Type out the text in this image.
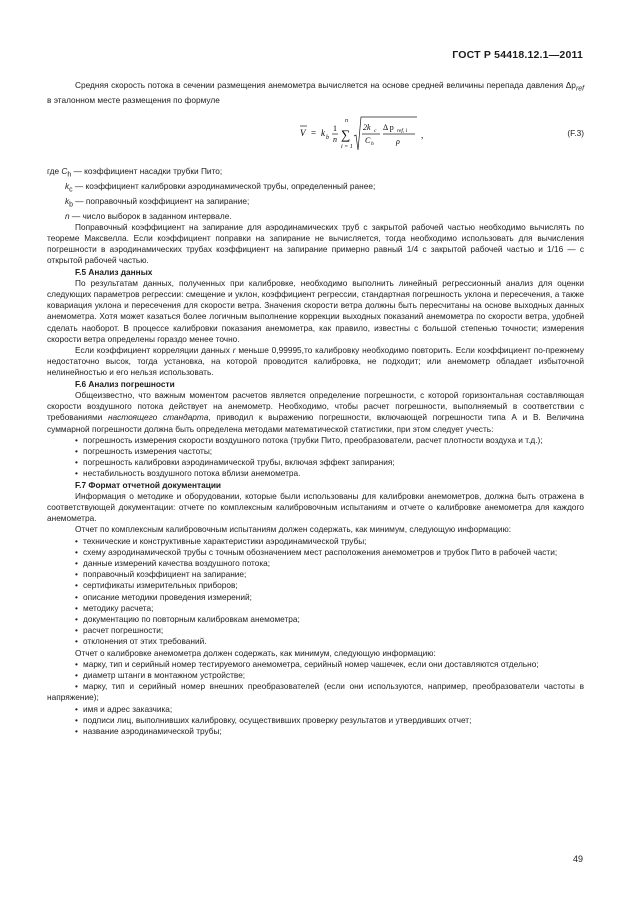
ГОСТ Р 54418.12.1—2011

Средняя скорость потока в сечении размещения анемометра вычисляется на основе средней величины перепада давления $\Delta p_{ref}$ в эталонном месте размещения по формуле

V = k b
1
n
n
∑
i = 1
2k c
C h
Δ p ref, i
ρ
,	(F.3)

где $C_h$ — коэффициент насадки трубки Пито;

$k_c$ — коэффициент калибровки аэродинамической трубы, определенный ранее;

$k_b$ — поправочный коэффициент на запирание;

n — число выборок в заданном интервале.

Поправочный коэффициент на запирание для аэродинамических труб с закрытой рабочей частью необходимо вычислять по теореме Максвелла. Если коэффициент поправки на запирание не вычисляется, тогда необходимо использовать для вычисления погрешности в аэродинамических трубах коэффициент на запирание примерно равный 1/4 с закрытой рабочей частью и 1/16 — с открытой рабочей частью.

F.5 Анализ данных

По результатам данных, полученных при калибровке, необходимо выполнить линейный регрессионный анализ для оценки следующих параметров регрессии: смещение и уклон, коэффициент регрессии, стандартная погрешность уклона и пересечения, а также ковариация уклона и пересечения для скорости ветра. Значения скорости ветра должны быть пересчитаны на основе выходных данных анемометра. Хотя может казаться более логичным выполнение коррекции выходных показаний анемометра по скорости ветра, удобней сделать наоборот. В процессе калибровки показания анемометра, как правило, известны с большой степенью точности; измерения скорости ветра определены гораздо менее точно.

Если коэффициент корреляции данных r меньше 0,99995,то калибровку необходимо повторить. Если коэффициент по-прежнему недостаточно высок, тогда установка, на которой проводится калибровка, не подходит; или анемометр обладает избыточной нелинейностью и его нельзя использовать.

F.6 Анализ погрешности

Общеизвестно, что важным моментом расчетов является определение погрешности, с которой горизонтальная составляющая скорости воздушного потока действует на анемометр. Необходимо, чтобы расчет погрешности, выполняемый в соответствии с требованиями настоящего стандарта, приводил к выражению погрешности, включающей погрешности типа А и В. Величина суммарной погрешности должна быть определена методами математической статистики, при этом следует учесть:

• погрешность измерения скорости воздушного потока (трубки Пито, преобразователи, расчет плотности воздуха и т.д.);

• погрешность измерения частоты;

• погрешность калибровки аэродинамической трубы, включая эффект запирания;

• нестабильность воздушного потока вблизи анемометра.

F.7 Формат отчетной документации

Информация о методике и оборудовании, которые были использованы для калибровки анемометров, должна быть отражена в соответствующей документации: отчете по комплексным калибровочным испытаниям и отчете о калибровке анемометра для каждого анемометра.

Отчет по комплексным калибровочным испытаниям должен содержать, как минимум, следующую информацию:

• технические и конструктивные характеристики аэродинамической трубы;

• схему аэродинамической трубы с точным обозначением мест расположения анемометров и трубок Пито в рабочей части;

• данные измерений качества воздушного потока;

• поправочный коэффициент на запирание;

• сертификаты измерительных приборов;

• описание методики проведения измерений;

• методику расчета;

• документацию по повторным калибровкам анемометра;

• расчет погрешности;

• отклонения от этих требований.

Отчет о калибровке анемометра должен содержать, как минимум, следующую информацию:

• марку, тип и серийный номер тестируемого анемометра, серийный номер чашечек, если они доставляются отдельно;

• диаметр штанги в монтажном устройстве;

• марку, тип и серийный номер внешних преобразователей (если они используются, например, преобразователи частоты в напряжение);

• имя и адрес заказчика;

• подписи лиц, выполнивших калибровку, осуществивших проверку результатов и утвердивших отчет;

• название аэродинамической трубы;

49
